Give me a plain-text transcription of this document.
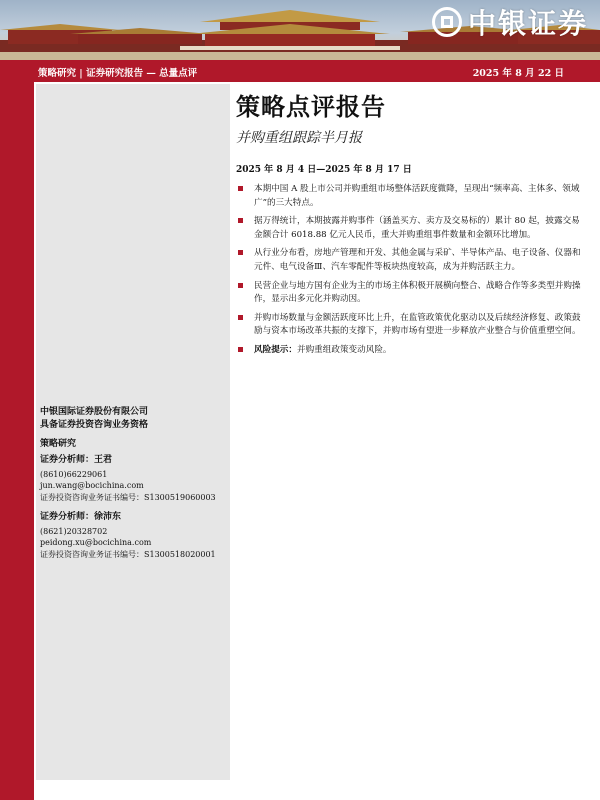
中银证券
策略研究 | 证券研究报告 — 总量点评	2025 年 8 月 22 日
中银国际证券股份有限公司
具备证券投资咨询业务资格
策略研究
证券分析师：王君
(8610)66229061
jun.wang@bocichina.com
证券投资咨询业务证书编号：S1300519060003
证券分析师：徐沛东
(8621)20328702
peidong.xu@bocichina.com
证券投资咨询业务证书编号：S1300518020001
策略点评报告
并购重组跟踪半月报
2025 年 8 月 4 日—2025 年 8 月 17 日
本期中国 A 股上市公司并购重组市场整体活跃度微降，呈现出“频率高、主体多、领域广”的三大特点。
据万得统计，本期披露并购事件（涵盖买方、卖方及交易标的）累计 80 起，披露交易金额合计 6018.88 亿元人民币，重大并购重组事件数量和金额环比增加。
从行业分布看，房地产管理和开发、其他金属与采矿、半导体产品、电子设备、仪器和元件、电气设备Ⅲ、汽车零配件等板块热度较高，成为并购活跃主力。
民营企业与地方国有企业为主的市场主体积极开展横向整合、战略合作等多类型并购操作，显示出多元化并购动因。
并购市场数量与金额活跃度环比上升，在监管政策优化驱动以及后续经济修复、政策鼓励与资本市场改革共振的支撑下，并购市场有望进一步释放产业整合与价值重塑空间。
风险提示：并购重组政策变动风险。
